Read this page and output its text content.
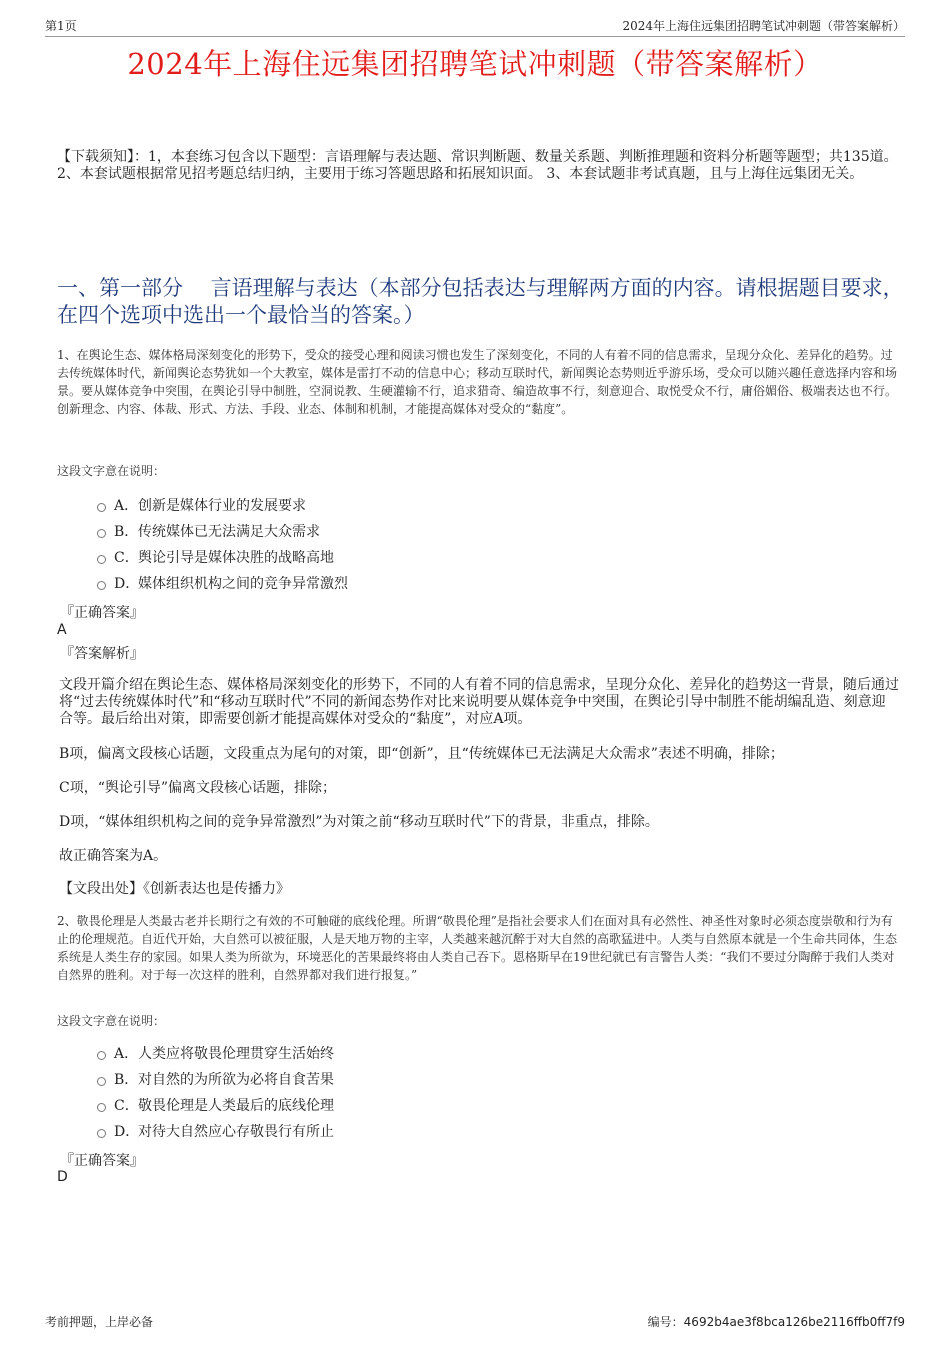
第1页	2024年上海住远集团招聘笔试冲刺题（带答案解析）
2024年上海住远集团招聘笔试冲刺题（带答案解析）
【下载须知】：1，本套练习包含以下题型：言语理解与表达题、常识判断题、数量关系题、判断推理题和资料分析题等题型；共135道。 2、本套试题根据常见招考题总结归纳，主要用于练习答题思路和拓展知识面。 3、本套试题非考试真题，且与上海住远集团无关。
一、第一部分　 言语理解与表达（本部分包括表达与理解两方面的内容。请根据题目要求，在四个选项中选出一个最恰当的答案。）
1、在舆论生态、媒体格局深刻变化的形势下，受众的接受心理和阅读习惯也发生了深刻变化，不同的人有着不同的信息需求，呈现分众化、差异化的趋势。过去传统媒体时代，新闻舆论态势犹如一个大教室，媒体是雷打不动的信息中心；移动互联时代，新闻舆论态势则近乎游乐场，受众可以随兴趣任意选择内容和场景。要从媒体竞争中突围，在舆论引导中制胜，空洞说教、生硬灌输不行，追求猎奇、编造故事不行，刻意迎合、取悦受众不行，庸俗媚俗、极端表达也不行。创新理念、内容、体裁、形式、方法、手段、业态、体制和机制，才能提高媒体对受众的“黏度”。
这段文字意在说明：
A． 创新是媒体行业的发展要求
B． 传统媒体已无法满足大众需求
C． 舆论引导是媒体决胜的战略高地
D．
媒体组织机构之间的竞争异常激烈
『正确答案』
A
『答案解析』
文段开篇介绍在舆论生态、媒体格局深刻变化的形势下，不同的人有着不同的信息需求，呈现分众化、差异化的趋势这一背景，随后通过将“过去传统媒体时代”和“移动互联时代”不同的新闻态势作对比来说明要从媒体竞争中突围，在舆论引导中制胜不能胡编乱造、刻意迎合等。最后给出对策，即需要创新才能提高媒体对受众的“黏度”，对应A项。
B项，偏离文段核心话题，文段重点为尾句的对策，即“创新”，且“传统媒体已无法满足大众需求”表述不明确，排除；
C项，“舆论引导”偏离文段核心话题，排除；
D项，“媒体组织机构之间的竞争异常激烈”为对策之前“移动互联时代”下的背景，非重点，排除。
故正确答案为A。
【文段出处】《创新表达也是传播力》
2、敬畏伦理是人类最古老并长期行之有效的不可触碰的底线伦理。所谓“敬畏伦理”是指社会要求人们在面对具有必然性、神圣性对象时必须态度崇敬和行为有止的伦理规范。自近代开始，大自然可以被征服，人是天地万物的主宰，人类越来越沉醉于对大自然的高歌猛进中。人类与自然原本就是一个生命共同体，生态系统是人类生存的家园。如果人类为所欲为，环境恶化的苦果最终将由人类自己吞下。恩格斯早在19世纪就已有言警告人类：“我们不要过分陶醉于我们人类对自然界的胜利。对于每一次这样的胜利，自然界都对我们进行报复。”
这段文字意在说明：
A． 人类应将敬畏伦理贯穿生活始终
B． 对自然的为所欲为必将自食苦果
C． 敬畏伦理是人类最后的底线伦理
D．
对待大自然应心存敬畏行有所止
『正确答案』
D
考前押题，上岸必备	编号：4692b4ae3f8bca126be2116ffb0ff7f9
